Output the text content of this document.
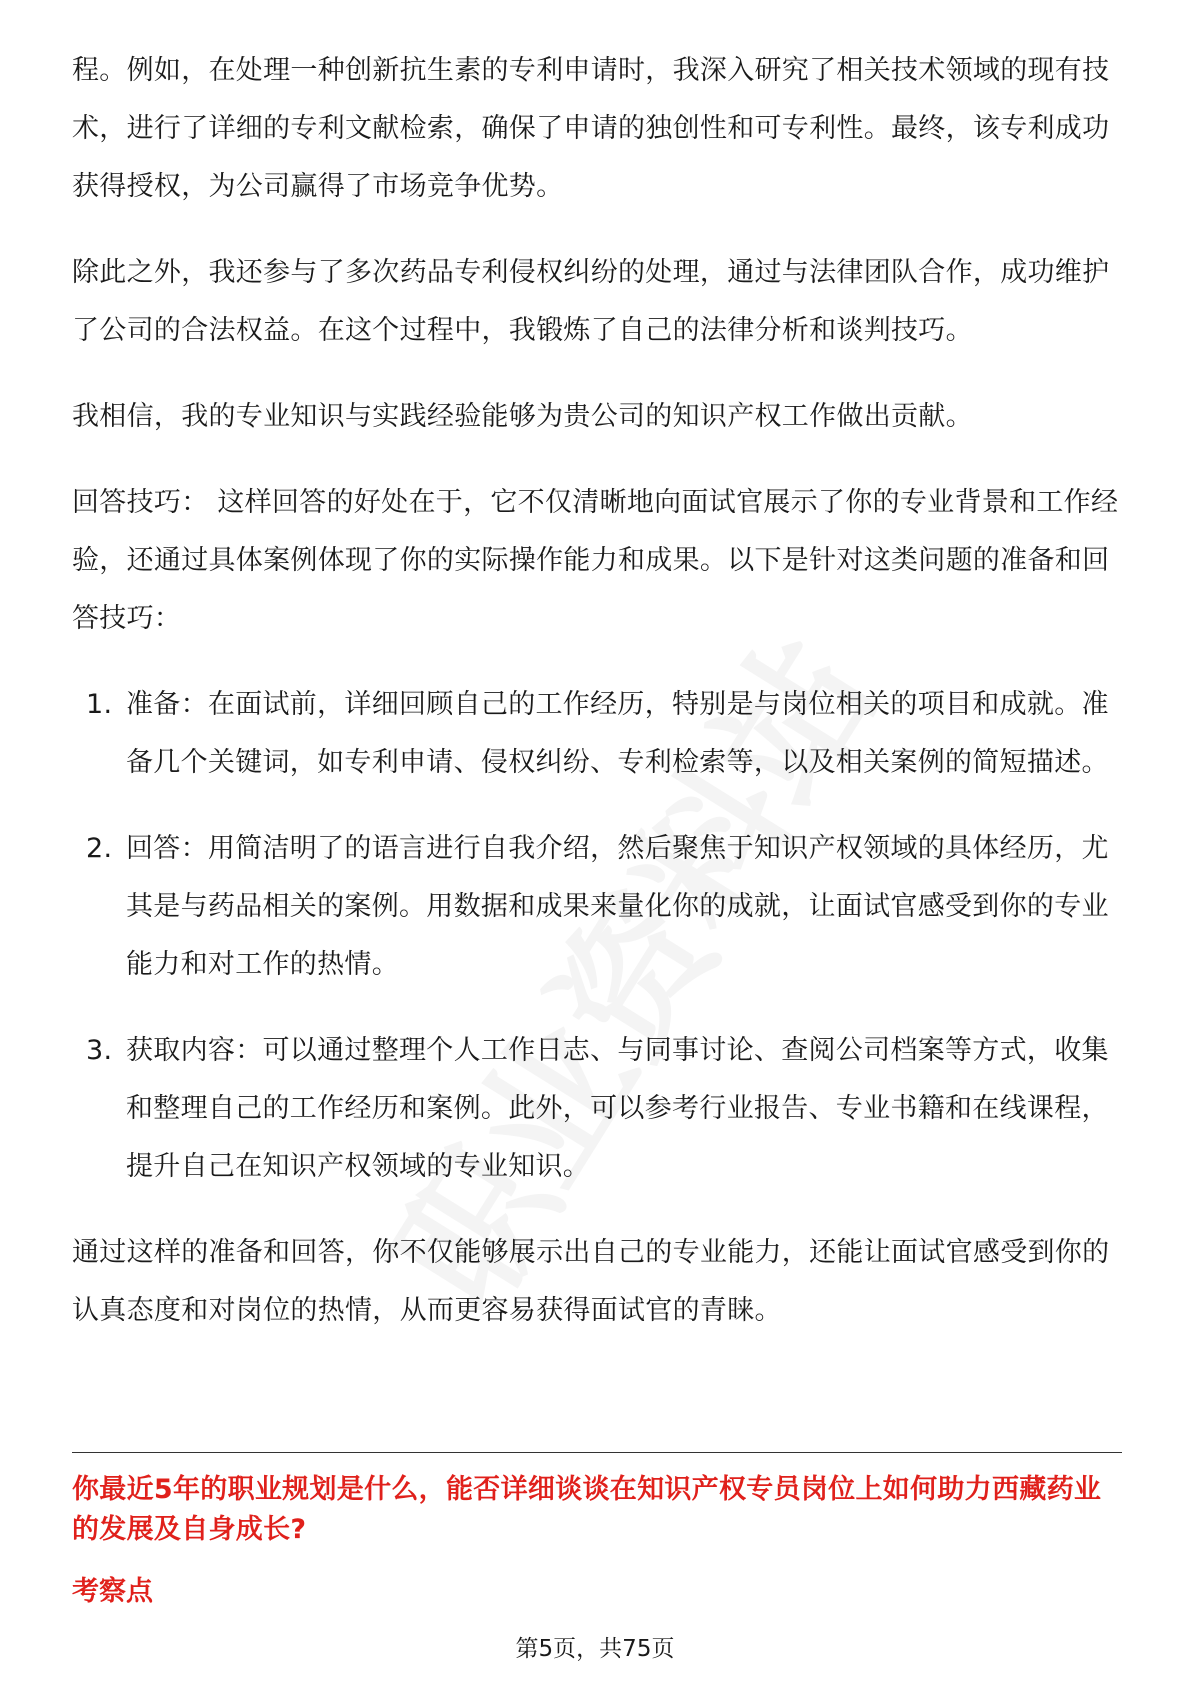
程。例如，在处理一种创新抗生素的专利申请时，我深入研究了相关技术领域的现有技术，进行了详细的专利文献检索，确保了申请的独创性和可专利性。最终，该专利成功获得授权，为公司赢得了市场竞争优势。

除此之外，我还参与了多次药品专利侵权纠纷的处理，通过与法律团队合作，成功维护了公司的合法权益。在这个过程中，我锻炼了自己的法律分析和谈判技巧。

我相信，我的专业知识与实践经验能够为贵公司的知识产权工作做出贡献。

回答技巧： 这样回答的好处在于，它不仅清晰地向面试官展示了你的专业背景和工作经验，还通过具体案例体现了你的实际操作能力和成果。以下是针对这类问题的准备和回答技巧：

1. 准备：在面试前，详细回顾自己的工作经历，特别是与岗位相关的项目和成就。准备几个关键词，如专利申请、侵权纠纷、专利检索等，以及相关案例的简短描述。
2. 回答：用简洁明了的语言进行自我介绍，然后聚焦于知识产权领域的具体经历，尤其是与药品相关的案例。用数据和成果来量化你的成就，让面试官感受到你的专业能力和对工作的热情。
3. 获取内容：可以通过整理个人工作日志、与同事讨论、查阅公司档案等方式，收集和整理自己的工作经历和案例。此外，可以参考行业报告、专业书籍和在线课程，提升自己在知识产权领域的专业知识。

通过这样的准备和回答，你不仅能够展示出自己的专业能力，还能让面试官感受到你的认真态度和对岗位的热情，从而更容易获得面试官的青睐。

你最近5年的职业规划是什么，能否详细谈谈在知识产权专员岗位上如何助力西藏药业的发展及自身成长?

考察点

第5页，共75页
